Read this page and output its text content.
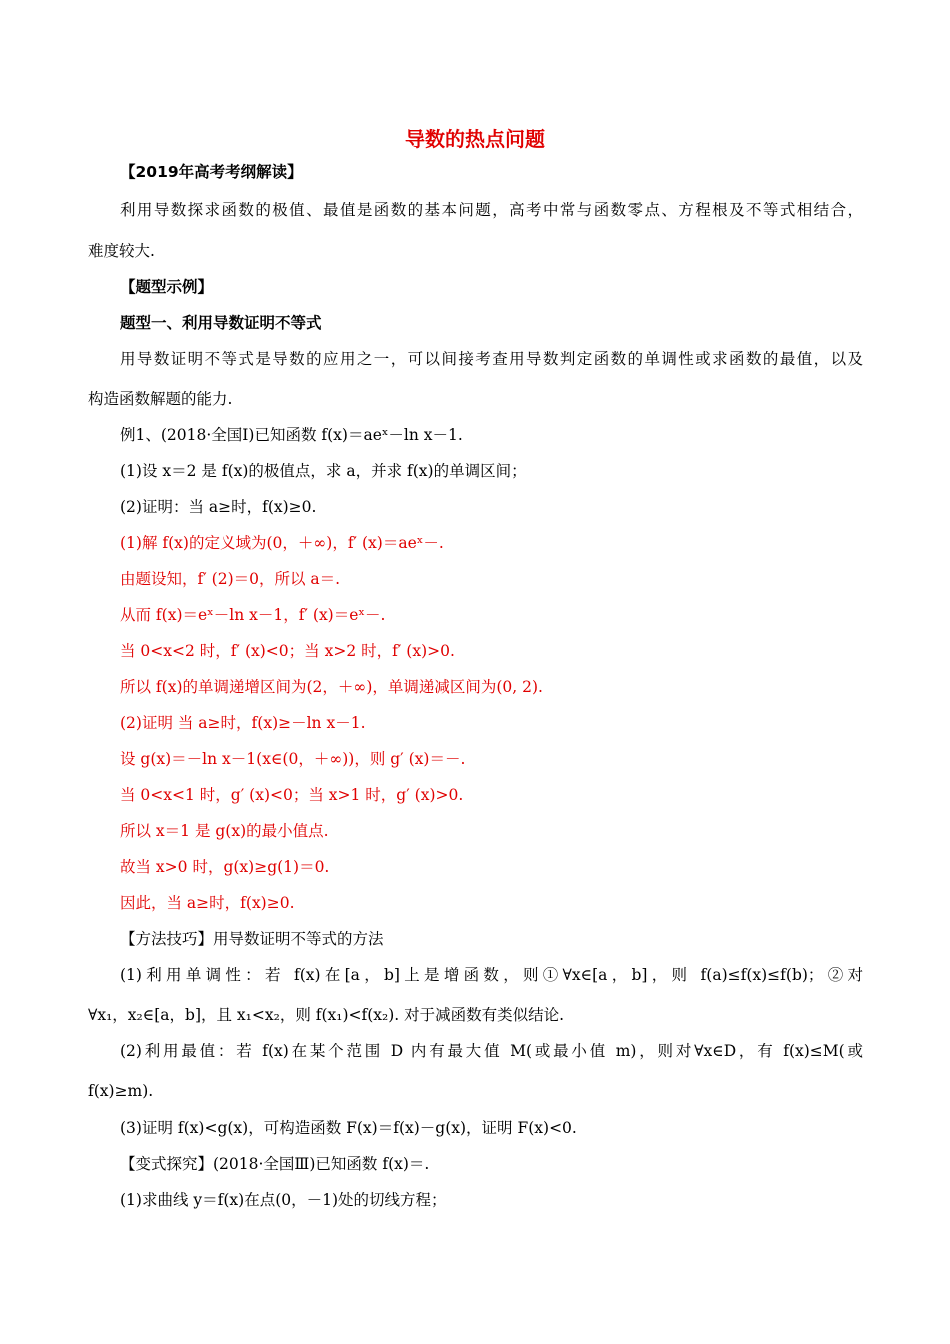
导数的热点问题
【2019年高考考纲解读】
利用导数探求函数的极值、最值是函数的基本问题，高考中常与函数零点、方程根及不等式相结合，
难度较大.
【题型示例】
题型一、利用导数证明不等式
用导数证明不等式是导数的应用之一，可以间接考查用导数判定函数的单调性或求函数的最值，以及
构造函数解题的能力.
例1、(2018·全国Ⅰ)已知函数 f(x)＝aeˣ－ln x－1.
(1)设 x＝2 是 f(x)的极值点，求 a，并求 f(x)的单调区间；
(2)证明：当 a≥时，f(x)≥0.
(1)解 f(x)的定义域为(0，＋∞)，f′ (x)＝aeˣ－.
由题设知，f′ (2)＝0，所以 a＝.
从而 f(x)＝eˣ－ln x－1，f′ (x)＝eˣ－.
当 0<x<2 时，f′ (x)<0；当 x>2 时，f′ (x)>0.
所以 f(x)的单调递增区间为(2，＋∞)，单调递减区间为(0, 2).
(2)证明 当 a≥时，f(x)≥－ln x－1.
设 g(x)＝－ln x－1(x∈(0，＋∞))，则 g′ (x)＝－.
当 0<x<1 时，g′ (x)<0；当 x>1 时，g′ (x)>0.
所以 x＝1 是 g(x)的最小值点.
故当 x>0 时，g(x)≥g(1)＝0.
因此，当 a≥时，f(x)≥0.
【方法技巧】用导数证明不等式的方法
(1)利用单调性：若 f(x)在[a，b]上是增函数，则①∀x∈[a，b]，则 f(a)≤f(x)≤f(b)；②对
∀x₁，x₂∈[a，b]，且 x₁<x₂，则 f(x₁)<f(x₂). 对于减函数有类似结论.
(2)利用最值：若 f(x)在某个范围 D 内有最大值 M(或最小值 m)，则对∀x∈D，有 f(x)≤M(或
f(x)≥m).
(3)证明 f(x)<g(x)，可构造函数 F(x)＝f(x)－g(x)，证明 F(x)<0.
【变式探究】(2018·全国Ⅲ)已知函数 f(x)＝.
(1)求曲线 y＝f(x)在点(0，－1)处的切线方程；
